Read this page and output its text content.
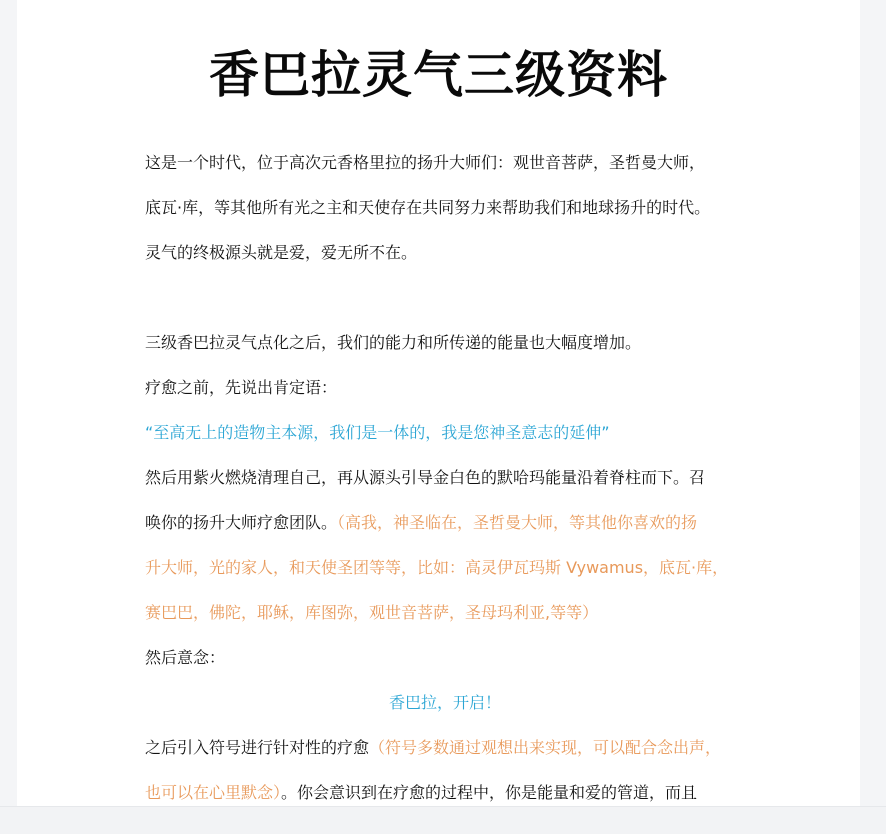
香巴拉灵气三级资料

这是一个时代，位于高次元香格里拉的扬升大师们：观世音菩萨，圣哲曼大师，

底瓦·库，等其他所有光之主和天使存在共同努力来帮助我们和地球扬升的时代。

灵气的终极源头就是爱，爱无所不在。

三级香巴拉灵气点化之后，我们的能力和所传递的能量也大幅度增加。

疗愈之前，先说出肯定语：

“至高无上的造物主本源，我们是一体的，我是您神圣意志的延伸”

然后用紫火燃烧清理自己，再从源头引导金白色的默哈玛能量沿着脊柱而下。召

唤你的扬升大师疗愈团队。（高我，神圣临在，圣哲曼大师，等其他你喜欢的扬

升大师，光的家人，和天使圣团等等，比如：高灵伊瓦玛斯 Vywamus，底瓦·库，

赛巴巴，佛陀，耶稣，库图弥，观世音菩萨，圣母玛利亚,等等）

然后意念：

香巴拉，开启！

之后引入符号进行针对性的疗愈（符号多数通过观想出来实现，可以配合念出声，

也可以在心里默念）。你会意识到在疗愈的过程中，你是能量和爱的管道，而且
